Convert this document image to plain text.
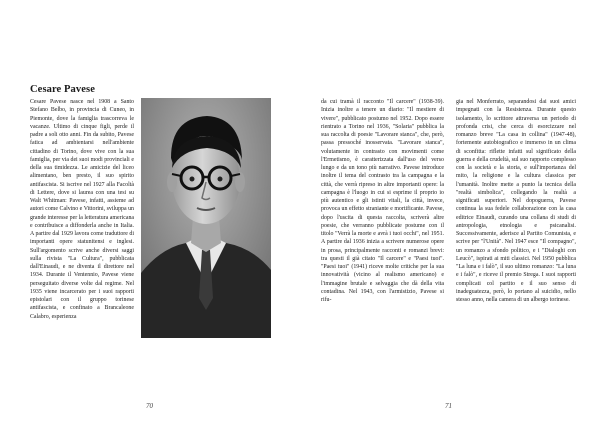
Cesare Pavese

Cesare Pavese nasce nel 1908 a Santo Stefano Belbo, in provincia di Cuneo, in Piemonte, dove la famiglia trascorreva le vacanze. Ultimo di cinque figli, perde il padre a soli otto anni. Fin da subito, Pavese fatica ad ambientarsi nell'ambiente cittadino di Torino, dove vive con la sua famiglia, per via dei suoi modi provinciali e della sua timidezza. Le amicizie del liceo alimentano, ben presto, il suo spirito antifascista. Si iscrive nel 1927 alla Facoltà di Lettere, dove si laurea con una tesi su Walt Whitman: Pavese, infatti, assieme ad autori come Calvino e Vittorini, sviluppa un grande interesse per la letteratura americana e contribuisce a diffonderla anche in Italia. A partire dal 1929 lavora come traduttore di importanti opere statunitensi e inglesi. Sull'argomento scrive anche diversi saggi sulla rivista "La Cultura", pubblicata dall'Einaudi, e ne diventa il direttore nel 1934. Durante il Ventennio, Pavese viene perseguitato diverse volte dal regime. Nel 1935 viene incarcerato per i suoi rapporti epistolari con il gruppo torinese antifascista, e confinato a Brancaleone Calabro, esperienza

70

da cui tramà il racconto "Il carcere" (1938-39). Inizia inoltre a tenere un diario: "Il mestiere di vivere", pubblicato postumo nel 1952. Dopo essere rientrato a Torino nel 1936, "Solaria" pubblica la sua raccolta di poesie "Lavorare stanca", che, però, passa pressoché inosservata. "Lavorare stanca", volutamente in contrasto con movimenti come l'Ermetismo, è caratterizzata dall'uso del verso lungo e da un tono più narrativo. Pavese introduce inoltre il tema del contrasto tra la campagna e la città, che verrà ripreso in altre importanti opere: la campagna è l'luogo in cui si esprime il proprio io più autentico e gli istinti vitali, la città, invece, provoca un effetto straniante e mortificante. Pavese, dopo l'uscita di questa raccolta, scriverà altre poesie, che verranno pubblicate postume con il titolo "Verrà la morte e avrà i tuoi occhi", nel 1951. A partire dal 1936 inizia a scrivere numerose opere in prosa, principalmente racconti e romanzi brevi: tra questi il già citato "Il carcere" e "Paesi tuoi". "Paesi tuoi" (1941) riceve molte critiche per la sua innovatività (vicino al realismo americano) e l'immagine brutale e selvaggia che dà della vita contadina. Nel 1943, con l'armistizio, Pavese si rifu-

gia nel Monferrato, separandosi dai suoi amici impegnati con la Resistenza. Durante questo isolamento, lo scrittore attraversa un periodo di profonda crisi, che cerca di esorcizzare nel romanzo breve "La casa in collina" (1947-48), fortemente autobiografico e immerso in un clima di sconfitta: riflette infatti sul significato della guerra e della crudeltà, sul suo rapporto complesso con la società e la storia, e sull'importanza del mito, la religione e la cultura classica per l'umanità. Inoltre mette a punto la tecnica della "realtà simbolica", collegando la realtà a significati superiori. Nel dopoguerra, Pavese continua la sua fedele collaborazione con la casa editrice Einaudi, curando una collana di studi di antropologia, etnologia e psicanalisi. Successivamente, aderisce al Partito Comunista, e scrive per "l'Unità". Nel 1947 esce "Il compagno", un romanzo a sfondo politico, e i "Dialoghi con Leucò", ispirati ai miti classici. Nel 1950 pubblica "La luna e i falò", il suo ultimo romanzo: "La luna e i falò", e riceve il premio Strega. I suoi rapporti complicati col partito e il suo senso di inadeguatezza, però, lo portano al suicidio, nello stesso anno, nella camera di un albergo torinese.

71
